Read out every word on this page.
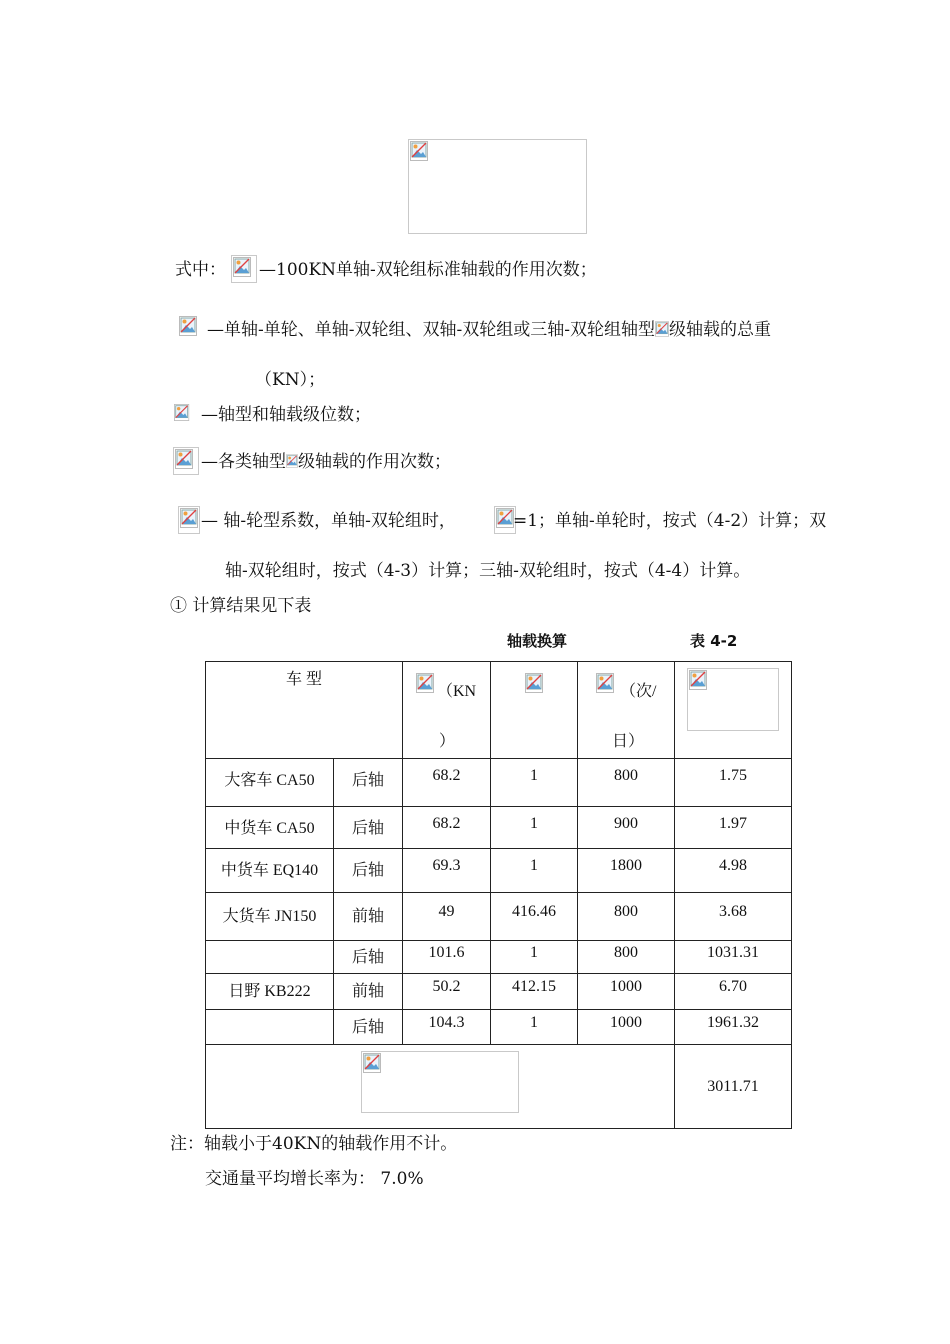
式中： —100KN单轴-双轮组标准轴载的作用次数；
—单轴-单轮、单轴-双轮组、双轴-双轮组或三轴-双轮组轴型 级轴载的总重
（KN）；
—轴型和轴载级位数；
—各类轴型 级轴载的作用次数；
— 轴-轮型系数，单轴-双轮组时，	=1；单轴-单轮时，按式（4-2）计算；双
轴-双轮组时，按式（4-3）计算；三轴-双轮组时，按式（4-4）计算。
① 计算结果见下表
轴载换算	表 4-2
车 型		（KN
）		（次/
日）

大客车 CA50	后轴	68.2	1	800	1.75

中货车 CA50	后轴	68.2	1	900	1.97

中货车 EQ140	后轴	69.3	1	1800	4.98

大货车 JN150	前轴	49	416.46	800	3.68

	后轴	101.6	1	800	1031.31

日野 KB222	前轴	50.2	412.15	1000	6.70

	后轴	104.3	1	1000	1961.32

3011.71
注：轴载小于40KN的轴载作用不计。
交通量平均增长率为： 7.0%
